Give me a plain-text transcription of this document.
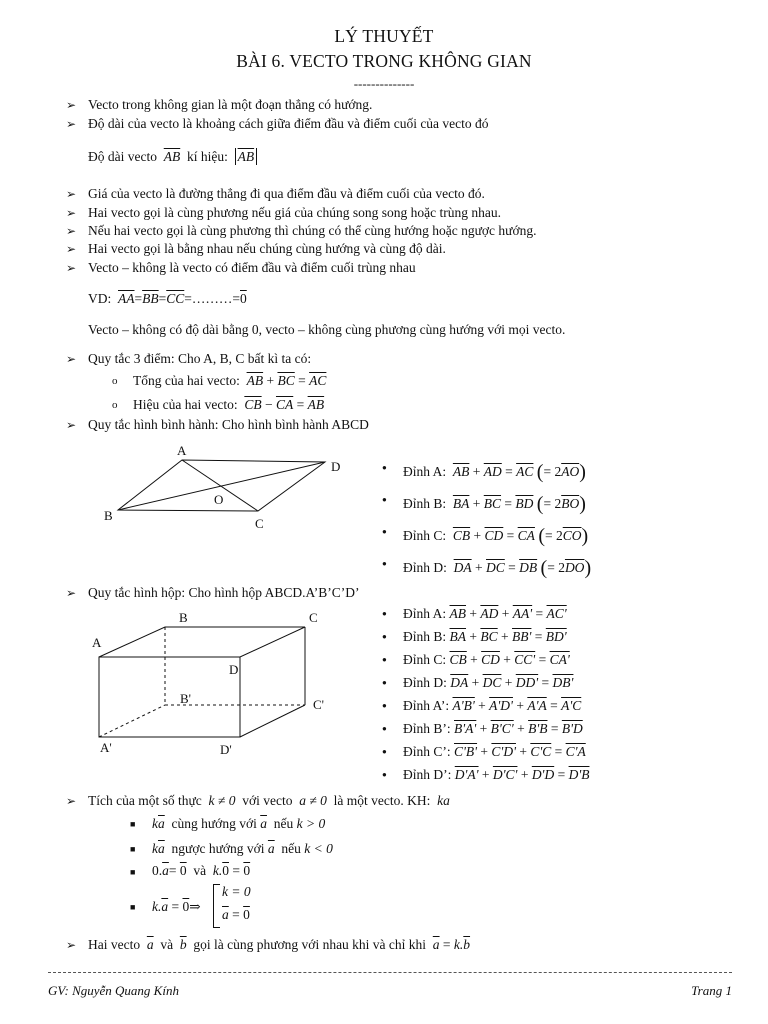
LÝ THUYẾT
BÀI 6. VECTO TRONG KHÔNG GIAN
--------------
➢ Vecto trong không gian là một đoạn thẳng có hướng.
➢ Độ dài của vecto là khoảng cách giữa điểm đầu và điểm cuối của vecto đó
Độ dài vecto $\overline{AB}$ kí hiệu: $\overline{AB}$
➢ Giá của vecto là đường thẳng đi qua điểm đầu và điểm cuối của vecto đó.
➢ Hai vecto gọi là cùng phương nếu giá của chúng song song hoặc trùng nhau.
➢ Nếu hai vecto gọi là cùng phương thì chúng có thể cùng hướng hoặc ngược hướng.
➢ Hai vecto gọi là bằng nhau nếu chúng cùng hướng và cùng độ dài.
➢ Vecto – không là vecto có điểm đầu và điểm cuối trùng nhau
VD: $\overline{AA}=\overline{BB}=\overline{CC}=\dots\dots\dots=0$
Vecto – không có độ dài bằng 0, vecto – không cùng phương cùng hướng với mọi vecto.
➢ Quy tắc 3 điểm: Cho A, B, C bất kì ta có:
o Tổng của hai vecto: $\overline{AB} + \overline{BC} = \overline{AC}$
o Hiệu của hai vecto: $\overline{CB} - \overline{CA} = \overline{AB}$
➢ Quy tắc hình bình hành: Cho hình bình hành ABCD
A
D
C
B
O
● Đỉnh A: $\overline{AB} + \overline{AD} = \overline{AC}$ (= $2\overline{AO}$)
● Đỉnh B: $\overline{BA} + \overline{BC} = \overline{BD}$ (= $2\overline{BO}$)
● Đỉnh C: $\overline{CB} + \overline{CD} = \overline{CA}$ (= $2\overline{CO}$)
● Đỉnh D: $\overline{DA} + \overline{DC} = \overline{DB}$ (= $2\overline{DO}$)
➢ Quy tắc hình hộp: Cho hình hộp ABCD.A’B’C’D’
B	C
A
D
B'	C'
A'	D'
● Đỉnh A: $\overline{AB} + \overline{AD} + AA' = AC'$
● Đỉnh B: $\overline{BA} + \overline{BC} + BB' = BD'$
● Đỉnh C: $\overline{CB} + \overline{CD} + CC' = CA'$
● Đỉnh D: $\overline{DA} + \overline{DC} + DD' = DB'$
● Đỉnh A’: A'B' + A'D' + A'A = A'C
● Đỉnh B’: B'A' + B'C' + B'B = B'D
● Đỉnh C’: C'B' + C'D' + C'C = C'A
● Đỉnh D’: D'A' + D'C' + D'D = D'B
➢ Tích của một số thực k ≠ 0 với vecto a ≠ 0 là một vecto. KH: ka
■ $k\overline{a}$ cùng hướng với $\overline{a}$ nếu k > 0
■ $k\overline{a}$ ngược hướng với $\overline{a}$ nếu k < 0
■ $0.\overline{a}= 0$ và k.0 = 0
■ $k.\overline{a}$ = 0⇒
k = 0
$\overline{a} = 0$
➢ Hai vecto $\overline{a}$ và $\overline{b}$ gọi là cùng phương với nhau khi và chỉ khi $\overline{a} = k.\overline{b}$
GV: Nguyễn Quang Kính	Trang 1
